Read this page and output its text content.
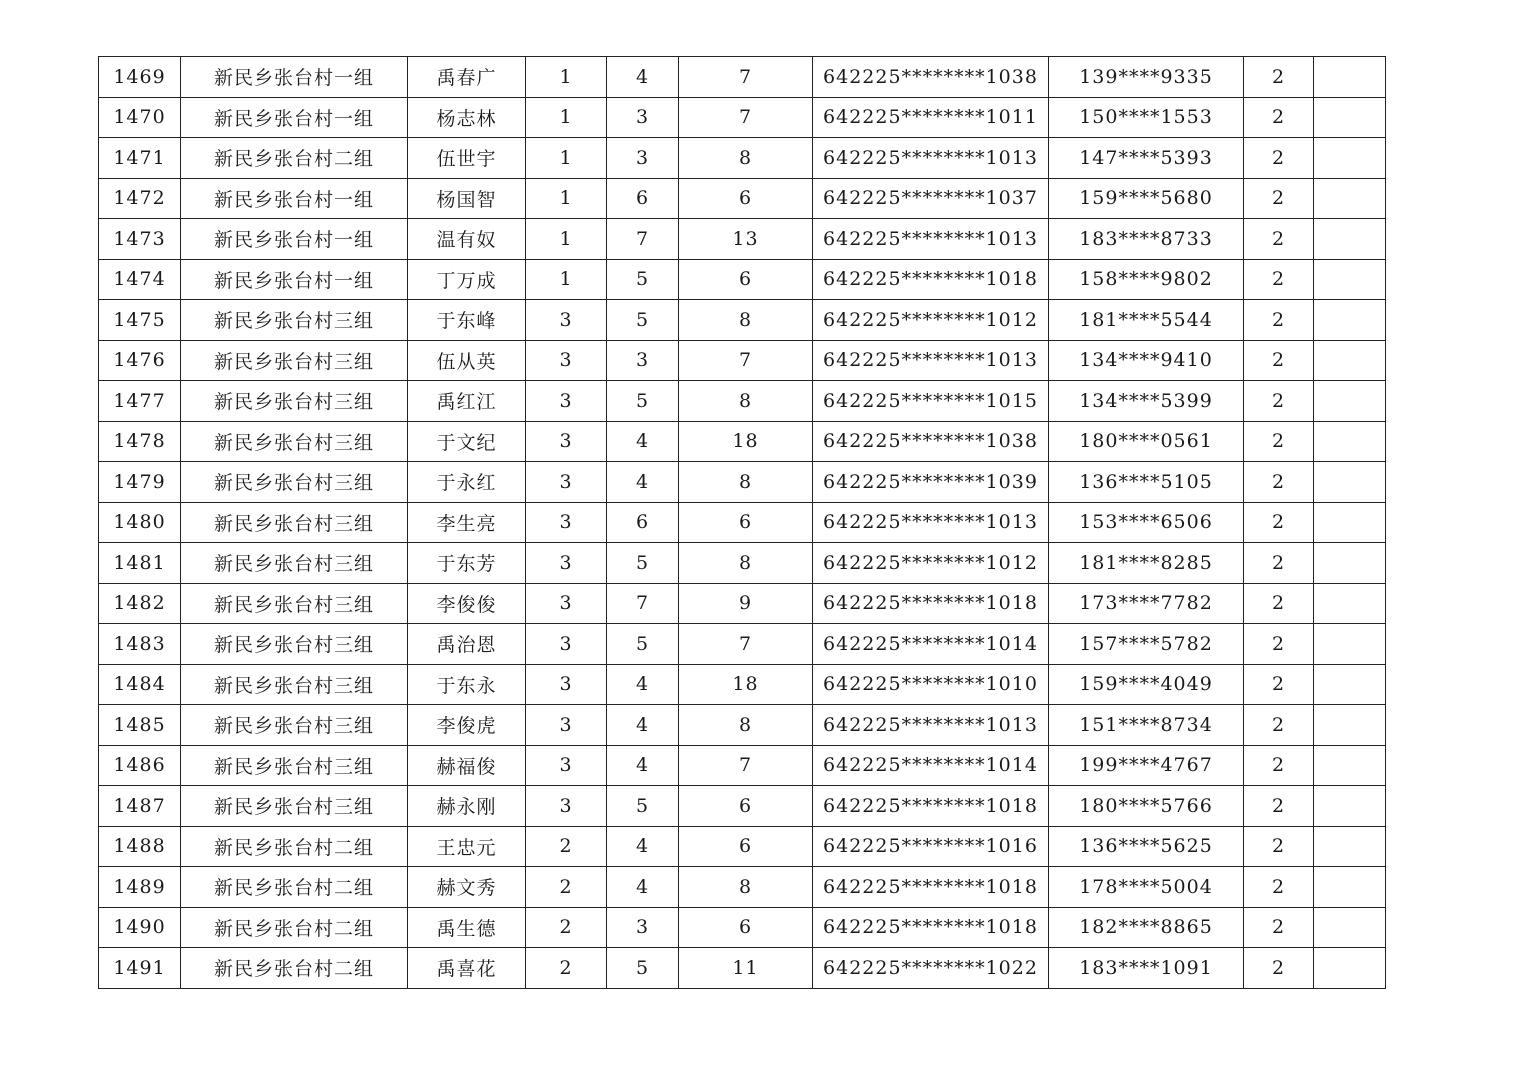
1469	新民乡张台村一组	禹春广	1	4	7	642225********1038	139****9335	2	
1470	新民乡张台村一组	杨志林	1	3	7	642225********1011	150****1553	2	
1471	新民乡张台村二组	伍世宇	1	3	8	642225********1013	147****5393	2	
1472	新民乡张台村一组	杨国智	1	6	6	642225********1037	159****5680	2	
1473	新民乡张台村一组	温有奴	1	7	13	642225********1013	183****8733	2	
1474	新民乡张台村一组	丁万成	1	5	6	642225********1018	158****9802	2	
1475	新民乡张台村三组	于东峰	3	5	8	642225********1012	181****5544	2	
1476	新民乡张台村三组	伍从英	3	3	7	642225********1013	134****9410	2	
1477	新民乡张台村三组	禹红江	3	5	8	642225********1015	134****5399	2	
1478	新民乡张台村三组	于文纪	3	4	18	642225********1038	180****0561	2	
1479	新民乡张台村三组	于永红	3	4	8	642225********1039	136****5105	2	
1480	新民乡张台村三组	李生亮	3	6	6	642225********1013	153****6506	2	
1481	新民乡张台村三组	于东芳	3	5	8	642225********1012	181****8285	2	
1482	新民乡张台村三组	李俊俊	3	7	9	642225********1018	173****7782	2	
1483	新民乡张台村三组	禹治恩	3	5	7	642225********1014	157****5782	2	
1484	新民乡张台村三组	于东永	3	4	18	642225********1010	159****4049	2	
1485	新民乡张台村三组	李俊虎	3	4	8	642225********1013	151****8734	2	
1486	新民乡张台村三组	赫福俊	3	4	7	642225********1014	199****4767	2	
1487	新民乡张台村三组	赫永刚	3	5	6	642225********1018	180****5766	2	
1488	新民乡张台村二组	王忠元	2	4	6	642225********1016	136****5625	2	
1489	新民乡张台村二组	赫文秀	2	4	8	642225********1018	178****5004	2	
1490	新民乡张台村二组	禹生德	2	3	6	642225********1018	182****8865	2	
1491	新民乡张台村二组	禹喜花	2	5	11	642225********1022	183****1091	2	
